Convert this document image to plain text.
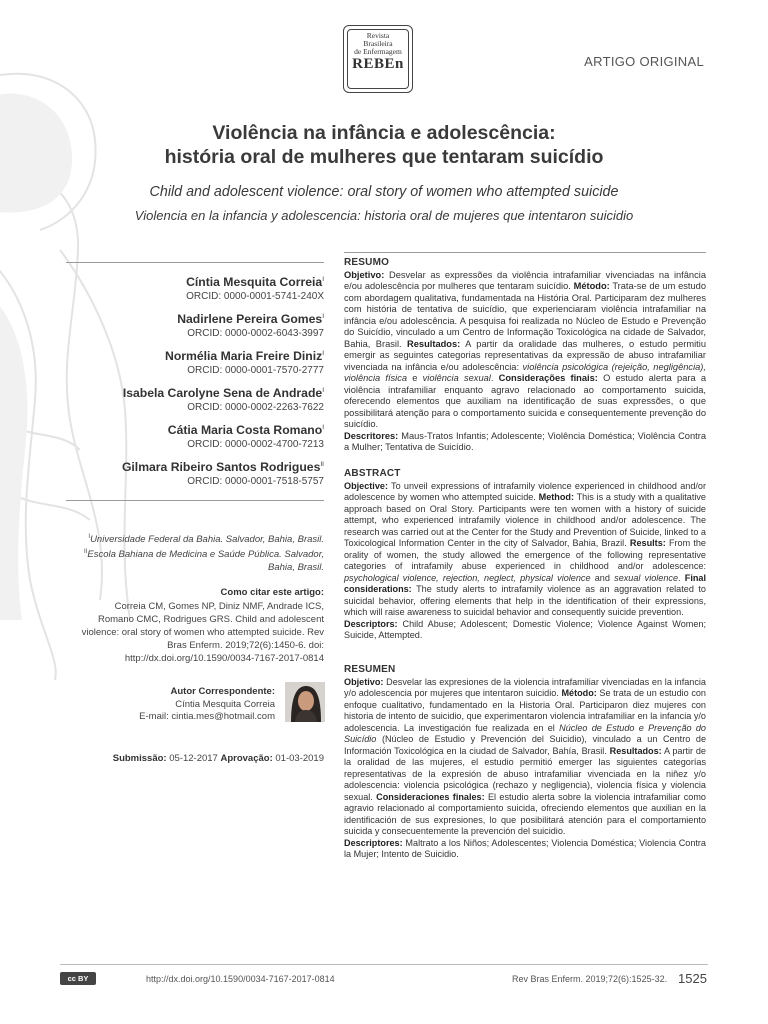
Revista
Brasileira
de Enfermagem
REBEn	ARTIGO ORIGINAL
Violência na infância e adolescência:
história oral de mulheres que tentaram suicídio
Child and adolescent violence: oral story of women who attempted suicide
Violencia en la infancia y adolescencia: historia oral de mujeres que intentaron suicidio
Cíntia Mesquita Correia$^I$
ORCID: 0000-0001-5741-240X
Nadirlene Pereira Gomes$^I$
ORCID: 0000-0002-6043-3997
Normélia Maria Freire Diniz$^I$
ORCID: 0000-0001-7570-2777
Isabela Carolyne Sena de Andrade$^I$
ORCID: 0000-0002-2263-7622
Cátia Maria Costa Romano$^I$
ORCID: 0000-0002-4700-7213
Gilmara Ribeiro Santos Rodrigues$^{II}$
ORCID: 0000-0001-7518-5757
$^I$Universidade Federal da Bahia. Salvador, Bahia, Brasil.
$^{II}$Escola Bahiana de Medicina e Saúde Pública. Salvador, Bahia, Brasil.
Como citar este artigo:
Correia CM, Gomes NP, Diniz NMF, Andrade ICS, Romano CMC, Rodrigues GRS. Child and adolescent violence: oral story of women who attempted suicide. Rev Bras Enferm. 2019;72(6):1450-6. doi: http://dx.doi.org/10.1590/0034-7167-2017-0814
Autor Correspondente:
Cíntia Mesquita Correia
E-mail: cintia.mes@hotmail.com
Submissão: 05-12-2017 Aprovação: 01-03-2019
RESUMO

Objetivo: Desvelar as expressões da violência intrafamiliar vivenciadas na infância e/ou adolescência por mulheres que tentaram suicídio. Método: Trata-se de um estudo com abordagem qualitativa, fundamentada na História Oral. Participaram dez mulheres com história de tentativa de suicídio, que experienciaram violência intrafamiliar na infância e/ou adolescência. A pesquisa foi realizada no Núcleo de Estudo e Prevenção do Suicídio, vinculado a um Centro de Informação Toxicológica na cidade de Salvador, Bahia, Brasil. Resultados: A partir da oralidade das mulheres, o estudo permitiu emergir as seguintes categorias representativas da expressão de abuso intrafamiliar vivenciada na infância e/ou adolescência: violência psicológica (rejeição, negligência), violência física e violência sexual. Considerações finais: O estudo alerta para a violência intrafamiliar enquanto agravo relacionado ao comportamento suicida, oferecendo elementos que auxiliam na identificação de suas expressões, o que possibilitará atenção para o comportamento suicida e consequentemente prevenção do suicídio.

Descritores: Maus-Tratos Infantis; Adolescente; Violência Doméstica; Violência Contra a Mulher; Tentativa de Suicídio.

ABSTRACT

Objective: To unveil expressions of intrafamily violence experienced in childhood and/or adolescence by women who attempted suicide. Method: This is a study with a qualitative approach based on Oral Story. Participants were ten women with a history of suicide attempt, who experienced intrafamily violence in childhood and/or adolescence. The research was carried out at the Center for the Study and Prevention of Suicide, linked to a Toxicological Information Center in the city of Salvador, Bahia, Brazil. Results: From the orality of women, the study allowed the emergence of the following representative categories of intrafamily abuse experienced in childhood and/or adolescence: psychological violence, rejection, neglect, physical violence and sexual violence. Final considerations: The study alerts to intrafamily violence as an aggravation related to suicidal behavior, offering elements that help in the identification of their expressions, which will raise awareness to suicidal behavior and consequently suicide prevention.

Descriptors: Child Abuse; Adolescent; Domestic Violence; Violence Against Women; Suicide, Attempted.

RESUMEN

Objetivo: Desvelar las expresiones de la violencia intrafamiliar vivenciadas en la infancia y/o adolescencia por mujeres que intentaron suicidio. Método: Se trata de un estudio con enfoque cualitativo, fundamentado en la Historia Oral. Participaron diez mujeres con historia de intento de suicidio, que experimentaron violencia intrafamiliar en la infancia y/o adolescencia. La investigación fue realizada en el Núcleo de Estudo e Prevenção do Suicídio (Núcleo de Estudio y Prevención del Suicidio), vinculado a un Centro de Información Toxicológica en la ciudad de Salvador, Bahía, Brasil. Resultados: A partir de la oralidad de las mujeres, el estudio permitió emerger las siguientes categorías representativas de la expresión de abuso intrafamiliar vivenciada en la niñez y/o adolescencia: violencia psicológica (rechazo y negligencia), violencia física y violencia sexual. Consideraciones finales: El estudio alerta sobre la violencia intrafamiliar como agravio relacionado al comportamiento suicida, ofreciendo elementos que auxilian en la identificación de sus expresiones, lo que posibilitará atención para el comportamiento suicida y consecuentemente la prevención del suicidio.

Descriptores: Maltrato a los Niños; Adolescentes; Violencia Doméstica; Violencia Contra la Mujer; Intento de Suicidio.

cc BY	http://dx.doi.org/10.1590/0034-7167-2017-0814	Rev Bras Enferm. 2019;72(6):1525-32. 1525
